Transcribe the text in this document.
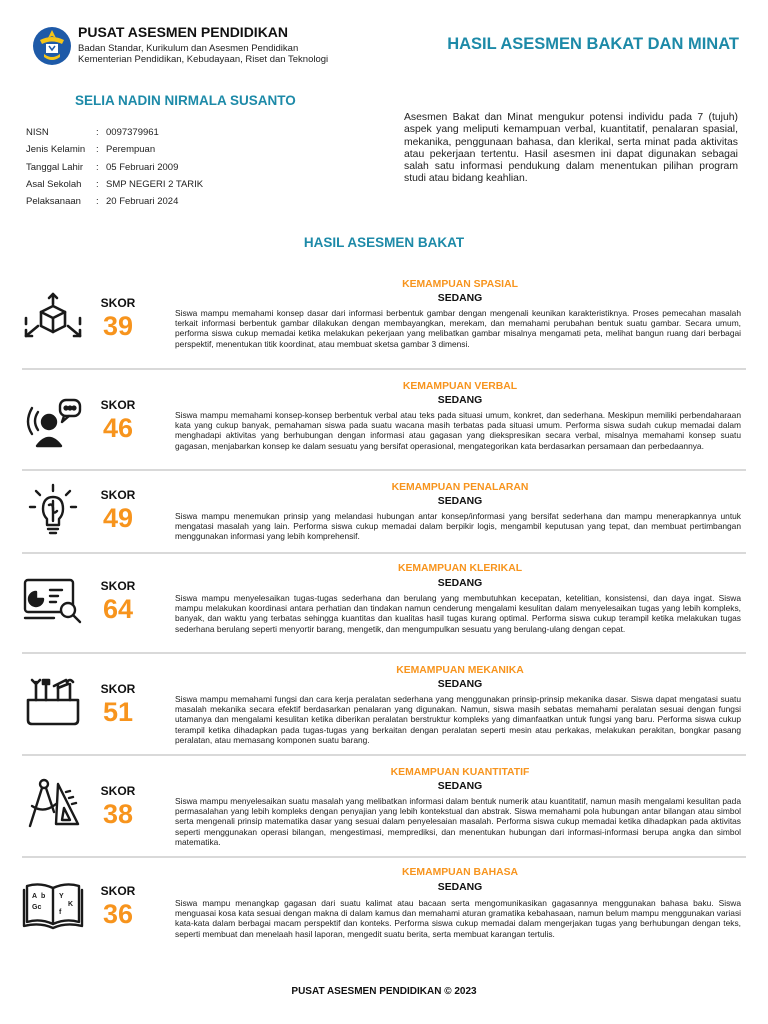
PUSAT ASESMEN PENDIDIKAN
Badan Standar, Kurikulum dan Asesmen Pendidikan
Kementerian Pendidikan, Kebudayaan, Riset dan Teknologi
HASIL ASESMEN BAKAT DAN MINAT
SELIA NADIN NIRMALA SUSANTO
NISN	: 0097379961
Jenis Kelamin : Perempuan
Tanggal Lahir : 05 Februari 2009
Asal Sekolah : SMP NEGERI 2 TARIK
Pelaksanaan : 20 Februari 2024
Asesmen Bakat dan Minat mengukur potensi individu pada 7 (tujuh) aspek yang meliputi kemampuan verbal, kuantitatif, penalaran spasial, mekanika, penggunaan bahasa, dan klerikal, serta minat pada aktivitas atau pekerjaan tertentu. Hasil asesmen ini dapat digunakan sebagai salah satu informasi pendukung dalam menentukan pilihan program studi atau bidang keahlian.
HASIL ASESMEN BAKAT
SKOR
39
KEMAMPUAN SPASIAL
SEDANG
Siswa mampu memahami konsep dasar dari informasi berbentuk gambar dengan mengenali keunikan karakteristiknya. Proses pemecahan masalah terkait informasi berbentuk gambar dilakukan dengan membayangkan, merekam, dan memahami perubahan bentuk suatu gambar. Secara umum, performa siswa cukup memadai ketika melakukan pekerjaan yang melibatkan gambar misalnya mengamati peta, melihat bangun ruang dari berbagai perspektif, menentukan titik koordinat, atau membuat sketsa gambar 3 dimensi.
SKOR
46
KEMAMPUAN VERBAL
SEDANG
Siswa mampu memahami konsep-konsep berbentuk verbal atau teks pada situasi umum, konkret, dan sederhana. Meskipun memiliki perbendaharaan kata yang cukup banyak, pemahaman siswa pada suatu wacana masih terbatas pada situasi umum. Performa siswa sudah cukup memadai dalam menghadapi aktivitas yang berhubungan dengan informasi atau gagasan yang diekspresikan secara verbal, misalnya memahami konsep suatu gagasan, menjabarkan konsep ke dalam sesuatu yang bersifat operasional, mengategorikan kata berdasarkan persamaan dan perbedaannya.
SKOR
49
KEMAMPUAN PENALARAN
SEDANG
Siswa mampu menemukan prinsip yang melandasi hubungan antar konsep/informasi yang bersifat sederhana dan mampu menerapkannya untuk mengatasi masalah yang lain. Performa siswa cukup memadai dalam berpikir logis, mengambil keputusan yang tepat, dan membuat pertimbangan menggunakan informasi yang lebih komprehensif.
SKOR
64
KEMAMPUAN KLERIKAL
SEDANG
Siswa mampu menyelesaikan tugas-tugas sederhana dan berulang yang membutuhkan kecepatan, ketelitian, konsistensi, dan daya ingat. Siswa mampu melakukan koordinasi antara perhatian dan tindakan namun cenderung mengalami kesulitan dalam menyelesaikan tugas yang lebih kompleks, banyak, dan waktu yang terbatas sehingga kuantitas dan kualitas hasil tugas kurang optimal. Performa siswa cukup terampil ketika melakukan tugas sederhana berulang seperti menyortir barang, mengetik, dan mengumpulkan sesuatu yang berulang-ulang dengan cepat.
SKOR
51
KEMAMPUAN MEKANIKA
SEDANG
Siswa mampu memahami fungsi dan cara kerja peralatan sederhana yang menggunakan prinsip-prinsip mekanika dasar. Siswa dapat mengatasi suatu masalah mekanika secara efektif berdasarkan penalaran yang digunakan. Namun, siswa masih sebatas memahami peralatan sesuai dengan fungsi utamanya dan mengalami kesulitan ketika diberikan peralatan berstruktur kompleks yang dimanfaatkan untuk fungsi yang baru. Performa siswa cukup terampil ketika dihadapkan pada tugas-tugas yang berkaitan dengan peralatan seperti mesin atau perkakas, melakukan perakitan, bongkar pasang peralatan, atau memasang komponen suatu barang.
SKOR
38
KEMAMPUAN KUANTITATIF
SEDANG
Siswa mampu menyelesaikan suatu masalah yang melibatkan informasi dalam bentuk numerik atau kuantitatif, namun masih mengalami kesulitan pada permasalahan yang lebih kompleks dengan penyajian yang lebih kontekstual dan abstrak. Siswa memahami pola hubungan antar bilangan atau simbol serta mengenali prinsip matematika dasar yang sesuai dalam penyelesaian masalah. Performa siswa cukup memadai ketika dihadapkan pada aktivitas seperti menggunakan operasi bilangan, mengestimasi, memprediksi, dan menentukan hubungan dari informasi-informasi berupa angka dan simbol matematika.
A b
Gc
Y
K
f
SKOR
36
KEMAMPUAN BAHASA
SEDANG
Siswa mampu menangkap gagasan dari suatu kalimat atau bacaan serta mengomunikasikan gagasannya menggunakan bahasa baku. Siswa menguasai kosa kata sesuai dengan makna di dalam kamus dan memahami aturan gramatika kebahasaan, namun belum mampu menggunakan variasi kata-kata dalam berbagai macam perspektif dan konteks. Performa siswa cukup memadai dalam mengerjakan tugas yang berhubungan dengan teks, seperti membuat dan menelaah hasil laporan, mengedit suatu berita, serta membuat karangan tertulis.
PUSAT ASESMEN PENDIDIKAN © 2023
